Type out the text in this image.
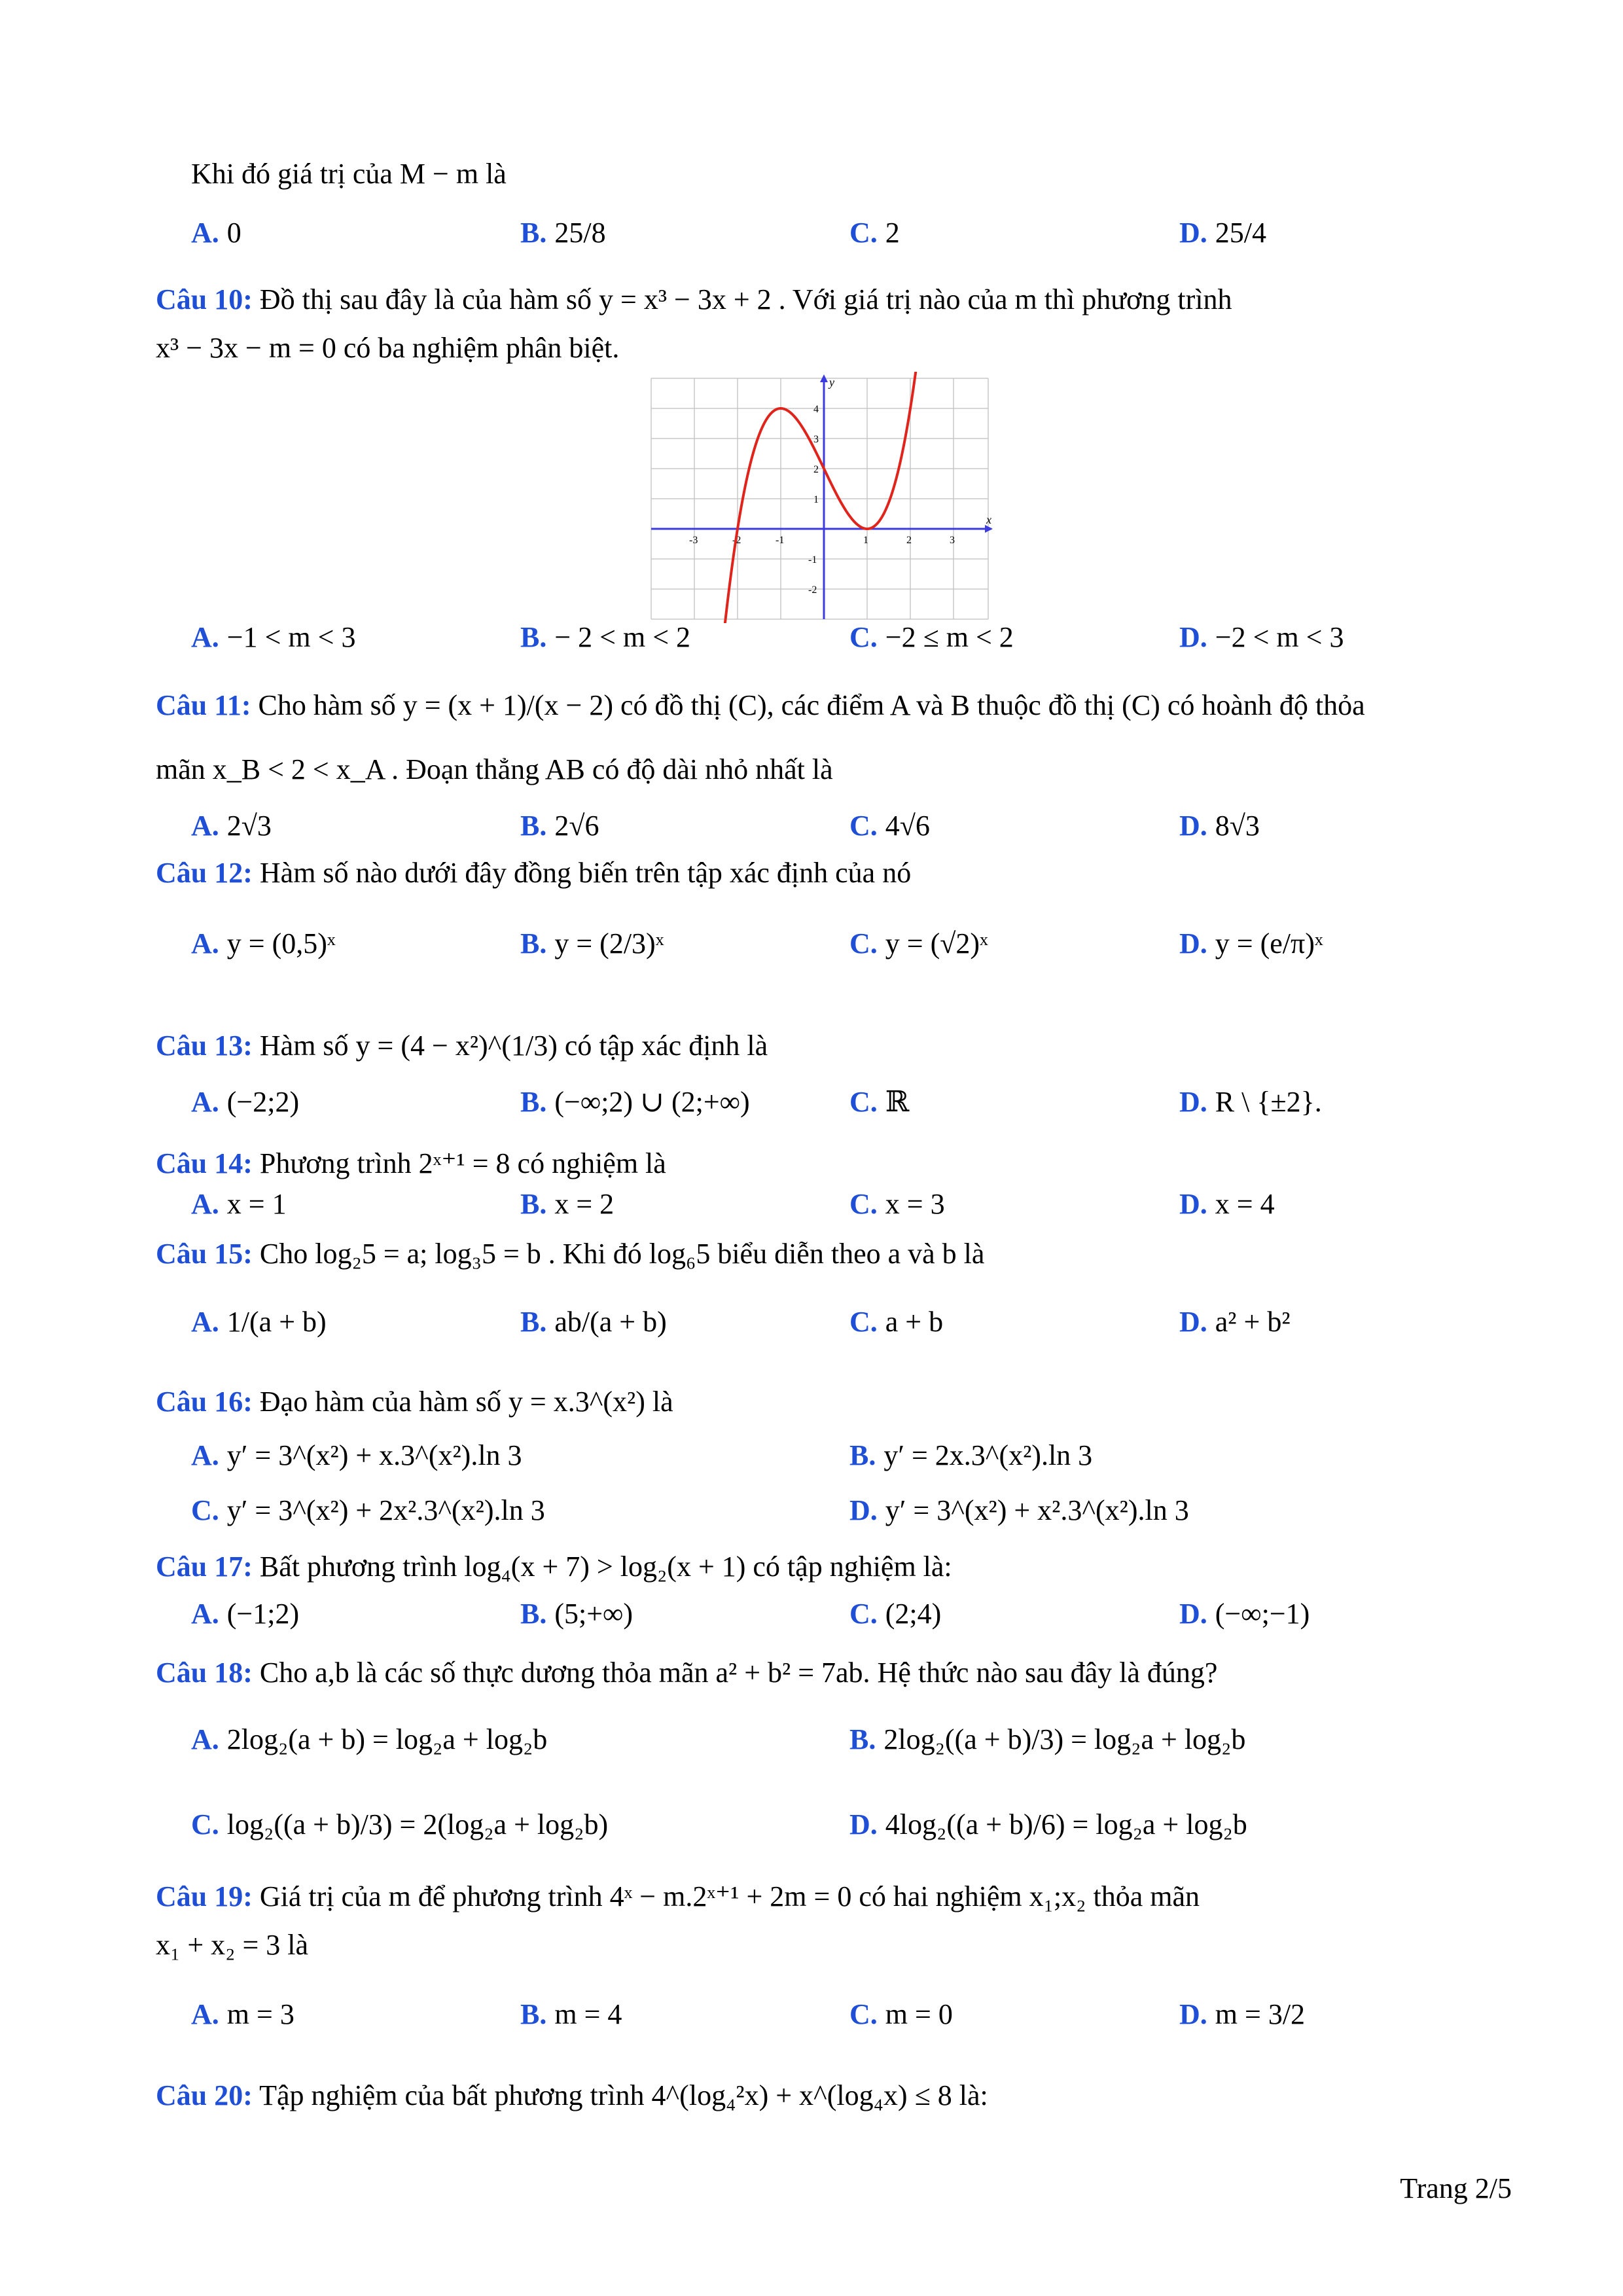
Khi đó giá trị của M − m là
A. 0	B. 25/8	C. 2	D. 25/4
Câu 10: Đồ thị sau đây là của hàm số y = x³ − 3x + 2 . Với giá trị nào của m thì phương trình
x³ − 3x − m = 0 có ba nghiệm phân biệt.
x
y
-3	-2	-1	1	2	3
4
3
2
1
-1
-2
A. −1 < m < 3	B. − 2 < m < 2	C. −2 ≤ m < 2	D. −2 < m < 3
Câu 11: Cho hàm số y = (x + 1)/(x − 2) có đồ thị (C), các điểm A và B thuộc đồ thị (C) có hoành độ thỏa
mãn x_B < 2 < x_A . Đoạn thẳng AB có độ dài nhỏ nhất là
A. 2√3	B. 2√6	C. 4√6	D. 8√3
Câu 12: Hàm số nào dưới đây đồng biến trên tập xác định của nó
A. y = (0,5)ˣ	B. y = (2/3)ˣ	C. y = (√2)ˣ	D. y = (e/π)ˣ
Câu 13: Hàm số y = (4 − x²)^(1/3) có tập xác định là
A. (−2;2)	B. (−∞;2) ∪ (2;+∞)	C. ℝ	D. R \ {±2}.
Câu 14: Phương trình 2ˣ⁺¹ = 8 có nghiệm là
A. x = 1	B. x = 2	C. x = 3	D. x = 4
Câu 15: Cho log₂5 = a; log₃5 = b . Khi đó log₆5 biểu diễn theo a và b là
A. 1/(a + b)	B. ab/(a + b)	C. a + b	D. a² + b²
Câu 16: Đạo hàm của hàm số y = x.3^(x²) là
A. y′ = 3^(x²) + x.3^(x²).ln 3	B. y′ = 2x.3^(x²).ln 3
C. y′ = 3^(x²) + 2x².3^(x²).ln 3	D. y′ = 3^(x²) + x².3^(x²).ln 3
Câu 17: Bất phương trình log₄(x + 7) > log₂(x + 1) có tập nghiệm là:
A. (−1;2)	B. (5;+∞)	C. (2;4)	D. (−∞;−1)
Câu 18: Cho a,b là các số thực dương thỏa mãn a² + b² = 7ab. Hệ thức nào sau đây là đúng?
A. 2log₂(a + b) = log₂a + log₂b	B. 2log₂((a + b)/3) = log₂a + log₂b
C. log₂((a + b)/3) = 2(log₂a + log₂b)	D. 4log₂((a + b)/6) = log₂a + log₂b
Câu 19: Giá trị của m để phương trình 4ˣ − m.2ˣ⁺¹ + 2m = 0 có hai nghiệm x₁;x₂ thỏa mãn
x₁ + x₂ = 3 là
A. m = 3	B. m = 4	C. m = 0	D. m = 3/2
Câu 20: Tập nghiệm của bất phương trình 4^(log₄²x) + x^(log₄x) ≤ 8 là:
Trang 2/5
